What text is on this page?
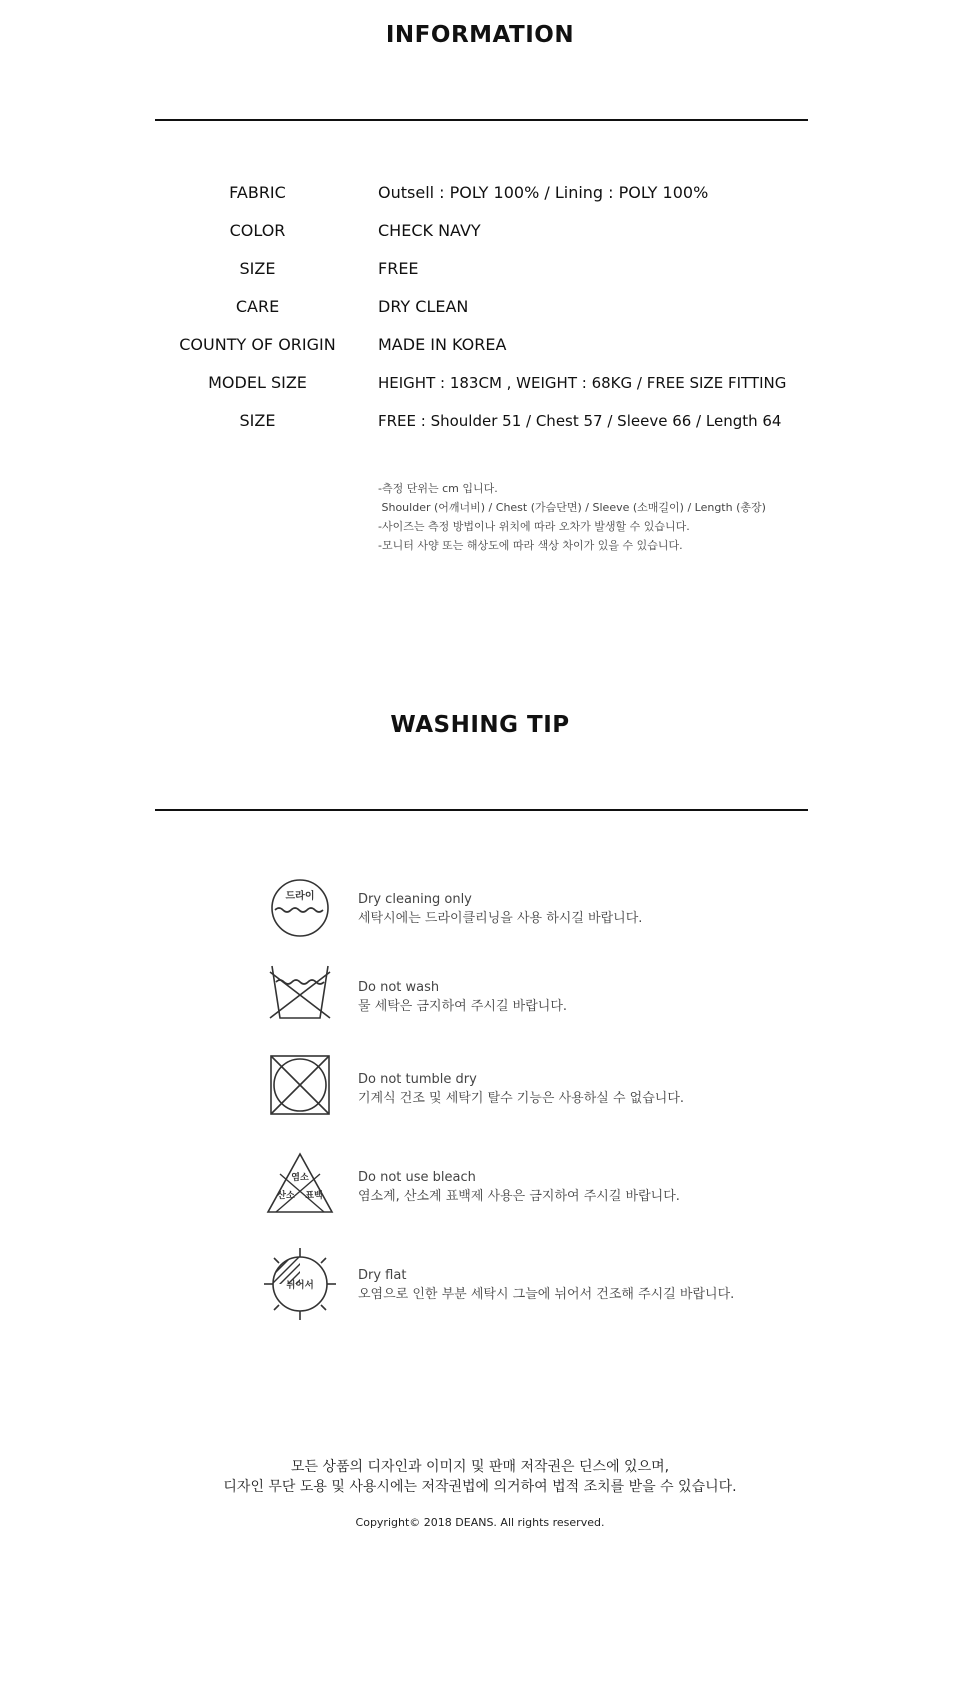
INFORMATION
FABRIC	Outsell : POLY 100% / Lining : POLY 100%
COLOR	CHECK NAVY
SIZE	FREE
CARE	DRY CLEAN
COUNTY OF ORIGIN	MADE IN KOREA
MODEL SIZE	HEIGHT : 183CM , WEIGHT : 68KG / FREE SIZE FITTING
SIZE	FREE : Shoulder 51 / Chest 57 / Sleeve 66 / Length 64
-측정 단위는 cm 입니다.
Shoulder (어깨너비) / Chest (가슴단면) / Sleeve (소매길이) / Length (총장)
-사이즈는 측정 방법이나 위치에 따라 오차가 발생할 수 있습니다.
-모니터 사양 또는 해상도에 따라 색상 차이가 있을 수 있습니다.
WASHING TIP
드라이	Dry cleaning only
세탁시에는 드라이클리닝을 사용 하시길 바랍니다.
Do not wash
물 세탁은 금지하여 주시길 바랍니다.
Do not tumble dry
기계식 건조 및 세탁기 탈수 기능은 사용하실 수 없습니다.
염소
산소 표백
Do not use bleach
염소계, 산소계 표백제 사용은 금지하여 주시길 바랍니다.
뉘어서
Dry flat
오염으로 인한 부분 세탁시 그늘에 뉘어서 건조해 주시길 바랍니다.
모든 상품의 디자인과 이미지 및 판매 저작권은 딘스에 있으며,
디자인 무단 도용 및 사용시에는 저작권법에 의거하여 법적 조치를 받을 수 있습니다.
Copyright© 2018 DEANS. All rights reserved.
